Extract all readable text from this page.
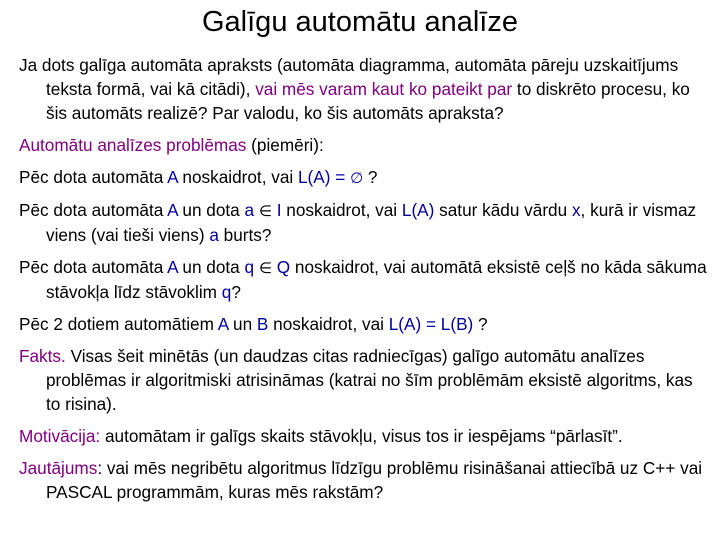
Galīgu automātu analīze

Ja dots galīga automāta apraksts (automāta diagramma, automāta pāreju uzskaitījums teksta formā, vai kā citādi), vai mēs varam kaut ko pateikt par to diskrēto procesu, ko šis automāts realizē? Par valodu, ko šis automāts apraksta?

Automātu analīzes problēmas (piemēri):

Pēc dota automāta A noskaidrot, vai L(A) = ∅ ?

Pēc dota automāta A un dota a ∈ I noskaidrot, vai L(A) satur kādu vārdu x, kurā ir vismaz viens (vai tieši viens) a burts?

Pēc dota automāta A un dota q ∈ Q noskaidrot, vai automātā eksistē ceļš no kāda sākuma stāvokļa līdz stāvoklim q?

Pēc 2 dotiem automātiem A un B noskaidrot, vai L(A) = L(B) ?

Fakts. Visas šeit minētās (un daudzas citas radniecīgas) galīgo automātu analīzes problēmas ir algoritmiski atrisināmas (katrai no šīm problēmām eksistē algoritms, kas to risina).

Motivācija: automātam ir galīgs skaits stāvokļu, visus tos ir iespējams “pārlasīt”.

Jautājums: vai mēs negribētu algoritmus līdzīgu problēmu risināšanai attiecībā uz C++ vai PASCAL programmām, kuras mēs rakstām?
